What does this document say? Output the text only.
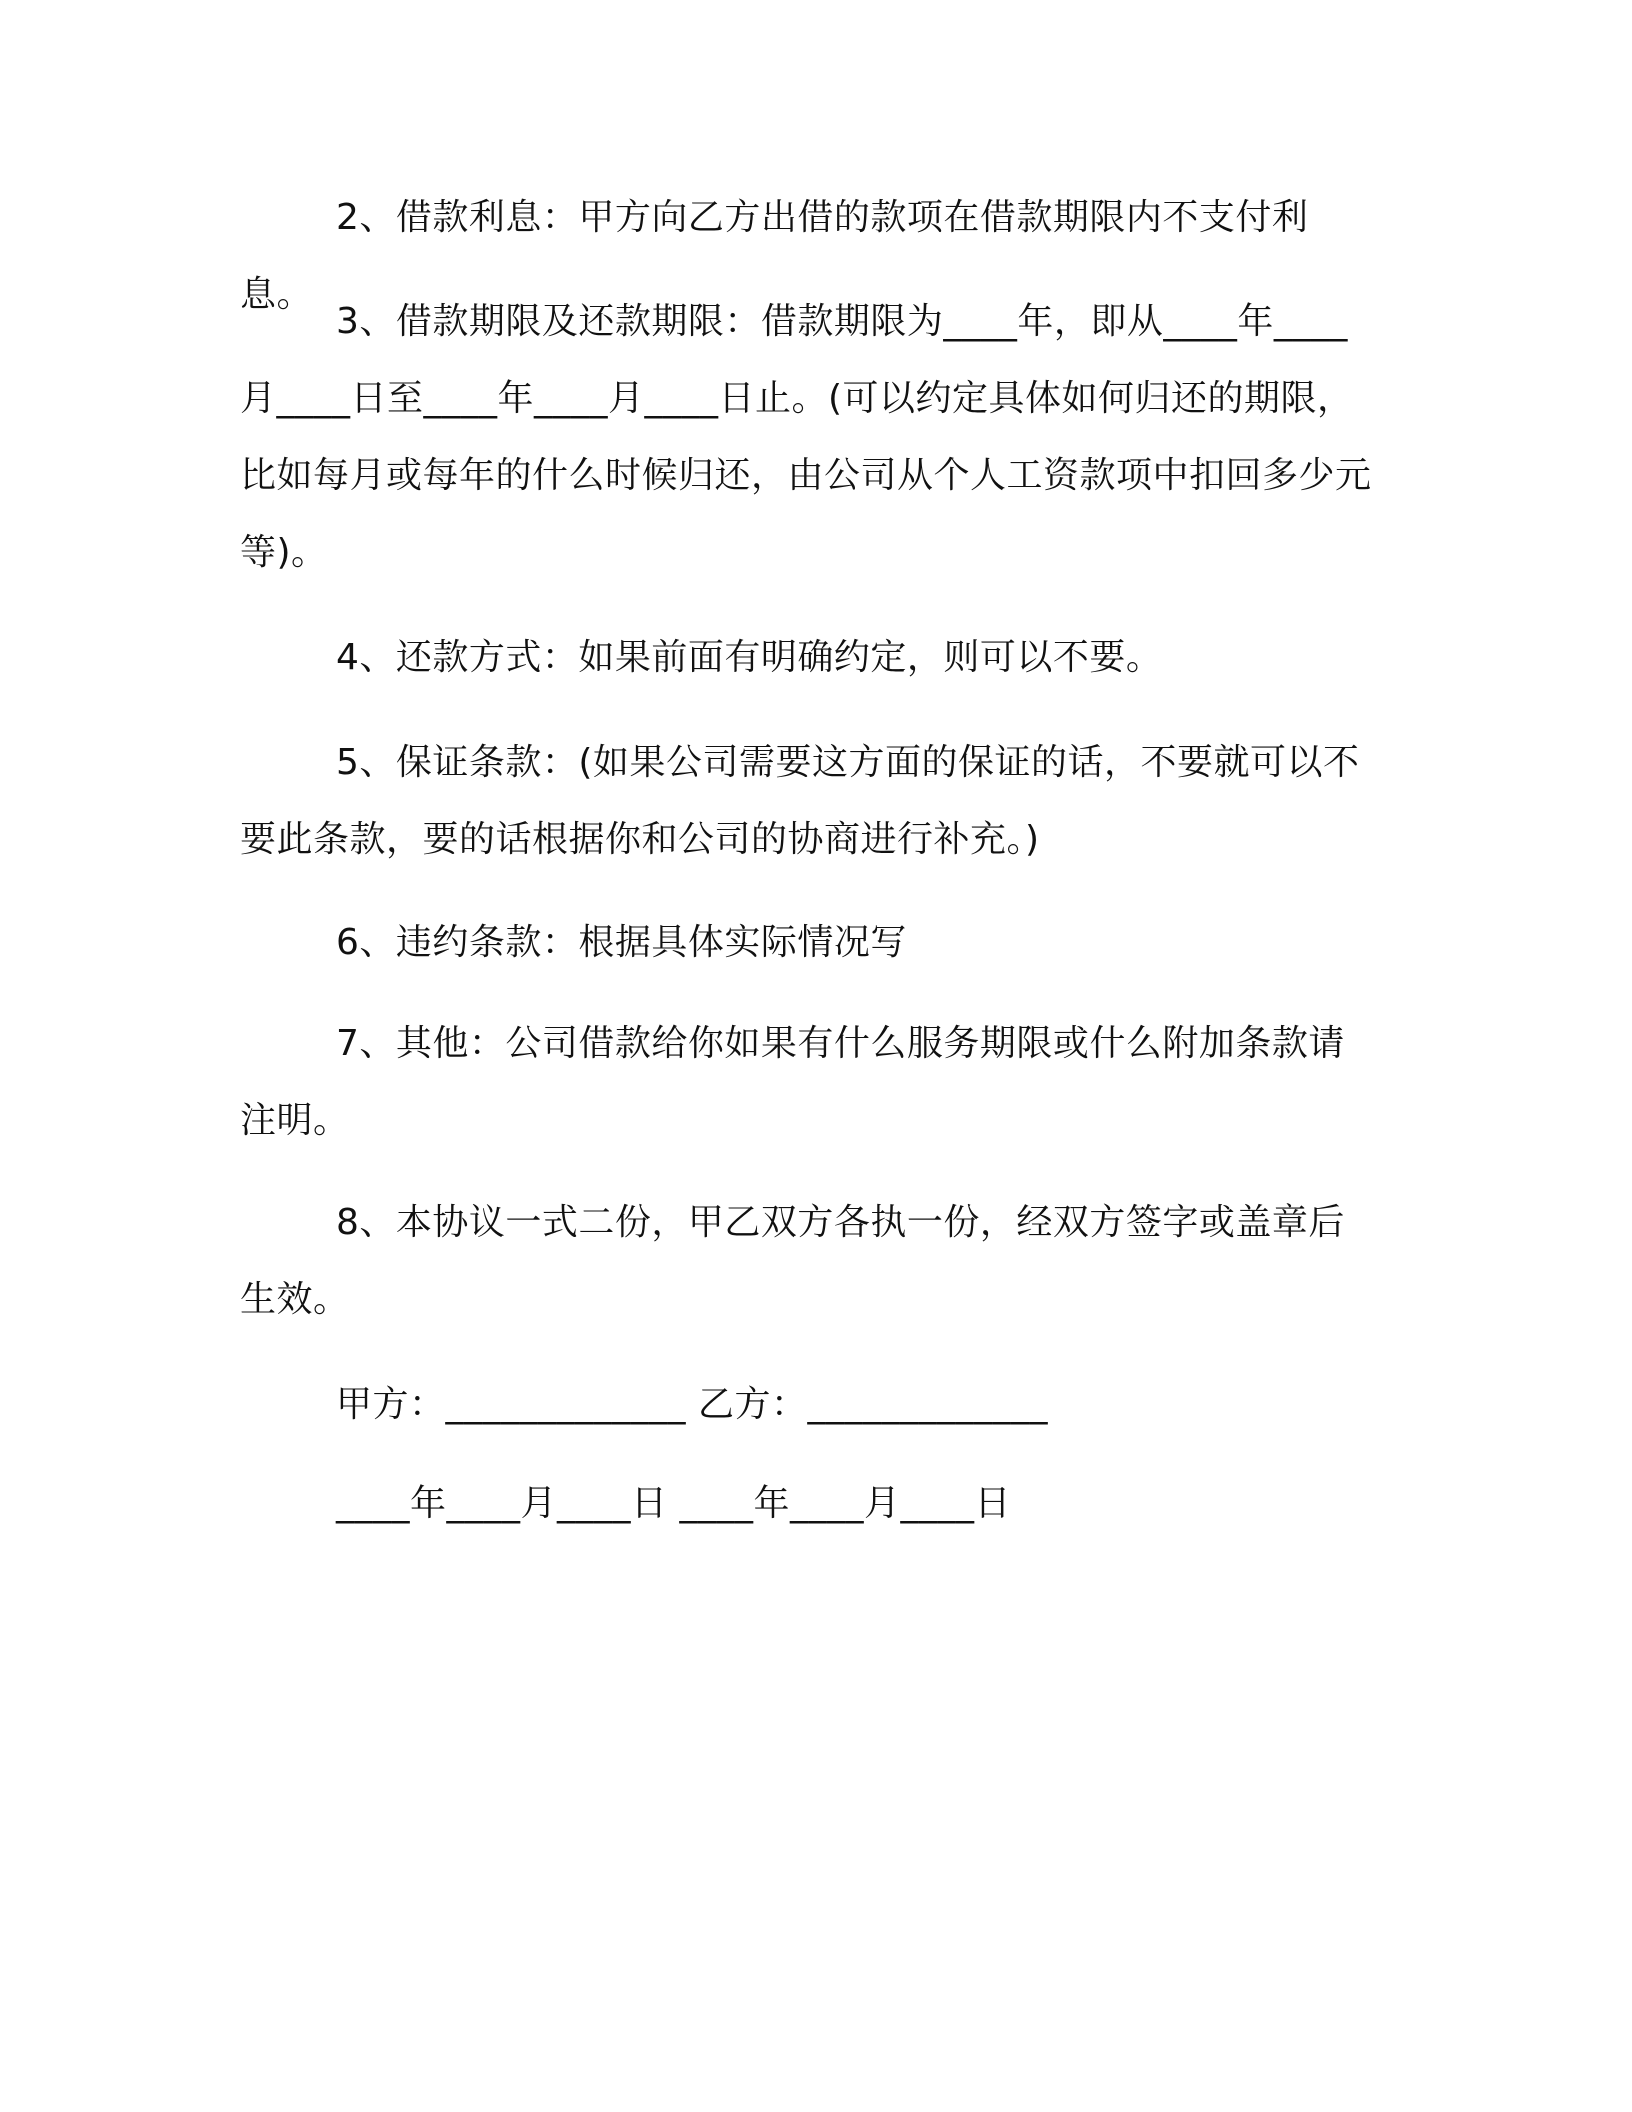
2、借款利息：甲方向乙方出借的款项在借款期限内不支付利息。

3、借款期限及还款期限：借款期限为____年，即从____年____月____日至____年____月____日止。(可以约定具体如何归还的期限，比如每月或每年的什么时候归还，由公司从个人工资款项中扣回多少元等)。

4、还款方式：如果前面有明确约定，则可以不要。

5、保证条款：(如果公司需要这方面的保证的话，不要就可以不要此条款，要的话根据你和公司的协商进行补充。)

6、违约条款：根据具体实际情况写

7、其他：公司借款给你如果有什么服务期限或什么附加条款请注明。

8、本协议一式二份，甲乙双方各执一份，经双方签字或盖章后生效。

甲方：_____________ 乙方：_____________

____年____月____日 ____年____月____日
